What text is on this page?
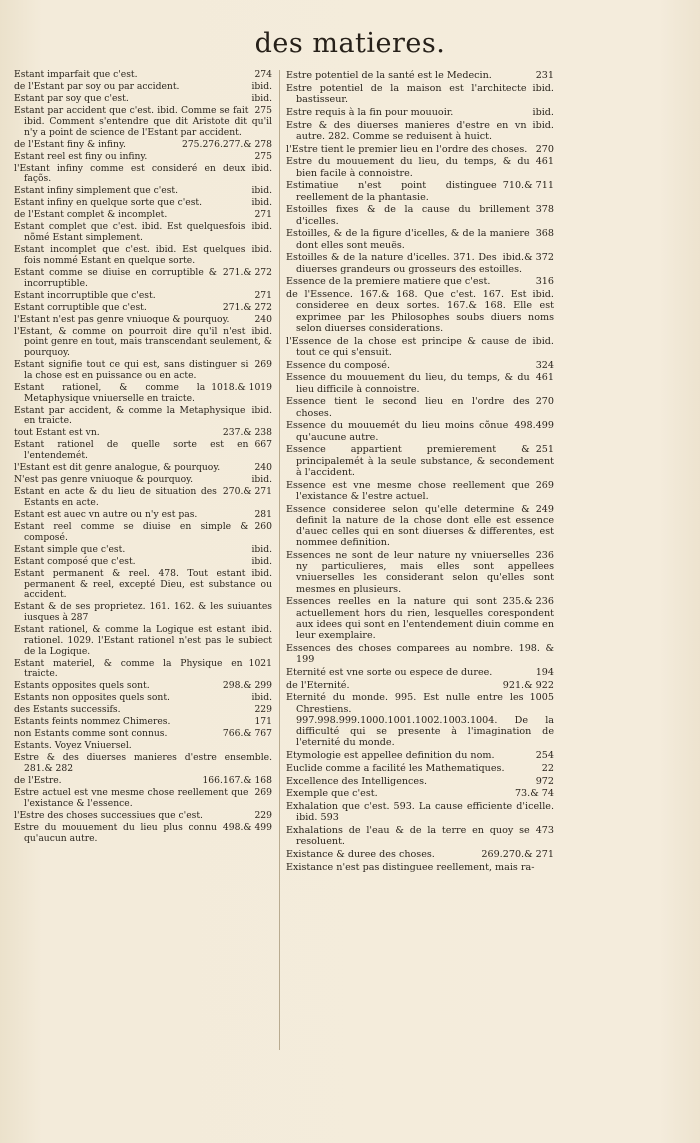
des matieres.
274
Estant imparfait que c'est.
ibid.
de l'Estant par soy ou par accident.
ibid.
Estant par soy que c'est.
275
Estant par accident que c'est. ibid. Comme se fait ibid. Comment s'entendre que dit Aristote dit qu'il n'y a point de science de l'Estant par accident.
275.276.277.& 278
de l'Estant finy & infiny.
275
Estant reel est finy ou infiny.
ibid.
l'Estant infiny comme est consideré en deux façõs.
ibid.
Estant infiny simplement que c'est.
ibid.
Estant infiny en quelque sorte que c'est.
271
de l'Estant complet & incomplet.
ibid.
Estant complet que c'est. ibid. Est quelquesfois nõmé Estant simplement.
ibid.
Estant incomplet que c'est. ibid. Est quelques fois nommé Estant en quelque sorte.
271.& 272
Estant comme se diuise en corruptible & incorruptible.
271
Estant incorruptible que c'est.
271.& 272
Estant corruptible que c'est.
240
l'Estant n'est pas genre vniuoque & pourquoy.
ibid.
l'Estant, & comme on pourroit dire qu'il n'est point genre en tout, mais transcendant seulement, & pourquoy.
269
Estant signifie tout ce qui est, sans distinguer si la chose est en puissance ou en acte.
1018.& 1019
Estant rationel, & comme la Metaphysique vniuerselle en traicte.
ibid.
Estant par accident, & comme la Metaphysique en traicte.
237.& 238
tout Estant est vn.
667
Estant rationel de quelle sorte est en l'entendemét.
240
l'Estant est dit genre analogue, & pourquoy.
ibid.
N'est pas genre vniuoque & pourquoy.
270.& 271
Estant en acte & du lieu de situation des Estants en acte.
281
Estant est auec vn autre ou n'y est pas.
260
Estant reel comme se diuise en simple & composé.
ibid.
Estant simple que c'est.
ibid.
Estant composé que c'est.
ibid.
Estant permanent & reel. 478. Tout estant permanent & reel, excepté Dieu, est substance ou accident.
Estant & de ses proprietez. 161. 162. & les suiuantes iusques à 287
ibid.
Estant rationel, & comme la Logique est estant rationel. 1029. l'Estant rationel n'est pas le subiect de la Logique.
1021
Estant materiel, & comme la Physique en traicte.
298.& 299
Estants opposites quels sont.
ibid.
Estants non opposites quels sont.
229
des Estants successifs.
171
Estants feints nommez Chimeres.
766.& 767
non Estants comme sont connus.
Estants. Voyez Vniuersel.
Estre & des diuerses manieres d'estre ensemble. 281.& 282
166.167.& 168
de l'Estre.
269
Estre actuel est vne mesme chose reellement que l'existance & l'essence.
229
l'Estre des choses successiues que c'est.
498.& 499
Estre du mouuement du lieu plus connu qu'aucun autre.
231
Estre potentiel de la santé est le Medecin.
ibid.
Estre potentiel de la maison est l'architecte bastisseur.
ibid.
Estre requis à la fin pour mouuoir.
ibid.
Estre & des diuerses manieres d'estre en vn autre. 282. Comme se reduisent à huict.
270
l'Estre tient le premier lieu en l'ordre des choses.
461
Estre du mouuement du lieu, du temps, & du bien facile à connoistre.
710.& 711
Estimatiue n'est point distinguee reellement de la phantasie.
378
Estoilles fixes & de la cause du brillement d'icelles.
368
Estoilles, & de la figure d'icelles, & de la maniere dont elles sont meuës.
ibid.& 372
Estoilles & de la nature d'icelles. 371. Des diuerses grandeurs ou grosseurs des estoilles.
316
Essence de la premiere matiere que c'est.
ibid.
de l'Essence. 167.& 168. Que c'est. 167. Est consideree en deux sortes. 167.& 168. Elle est exprimee par les Philosophes soubs diuers noms selon diuerses considerations.
ibid.
l'Essence de la chose est principe & cause de tout ce qui s'ensuit.
324
Essence du composé.
461
Essence du mouuement du lieu, du temps, & du lieu difficile à connoistre.
270
Essence tient le second lieu en l'ordre des choses.
498.499
Essence du mouuemét du lieu moins cõnue qu'aucune autre.
251
Essence appartient premierement & principalemét à la seule substance, & secondement à l'accident.
269
Essence est vne mesme chose reellement que l'existance & l'estre actuel.
249
Essence consideree selon qu'elle determine & definit la nature de la chose dont elle est essence d'auec celles qui en sont diuerses & differentes, est nommee definition.
236
Essences ne sont de leur nature ny vniuerselles ny particulieres, mais elles sont appellees vniuerselles les considerant selon qu'elles sont mesmes en plusieurs.
235.& 236
Essences reelles en la nature qui sont actuellement hors du rien, lesquelles corespondent aux idees qui sont en l'entendement diuin comme en leur exemplaire.
Essences des choses comparees au nombre. 198. & 199
194
Eternité est vne sorte ou espece de duree.
921.& 922
de l'Eternité.
1005
Eternité du monde. 995. Est nulle entre les Chrestiens. 997.998.999.1000.1001.1002.1003.1004. De la difficulté qui se presente à l'imagination de l'eternité du monde.
254
Etymologie est appellee definition du nom.
22
Euclide comme a facilité les Mathematiques.
972
Excellence des Intelligences.
73.& 74
Exemple que c'est.
Exhalation que c'est. 593. La cause efficiente d'icelle. ibid. 593
473
Exhalations de l'eau & de la terre en quoy se resoluent.
269.270.& 271
Existance & duree des choses.
Existance n'est pas distinguee reellement, mais ra-
